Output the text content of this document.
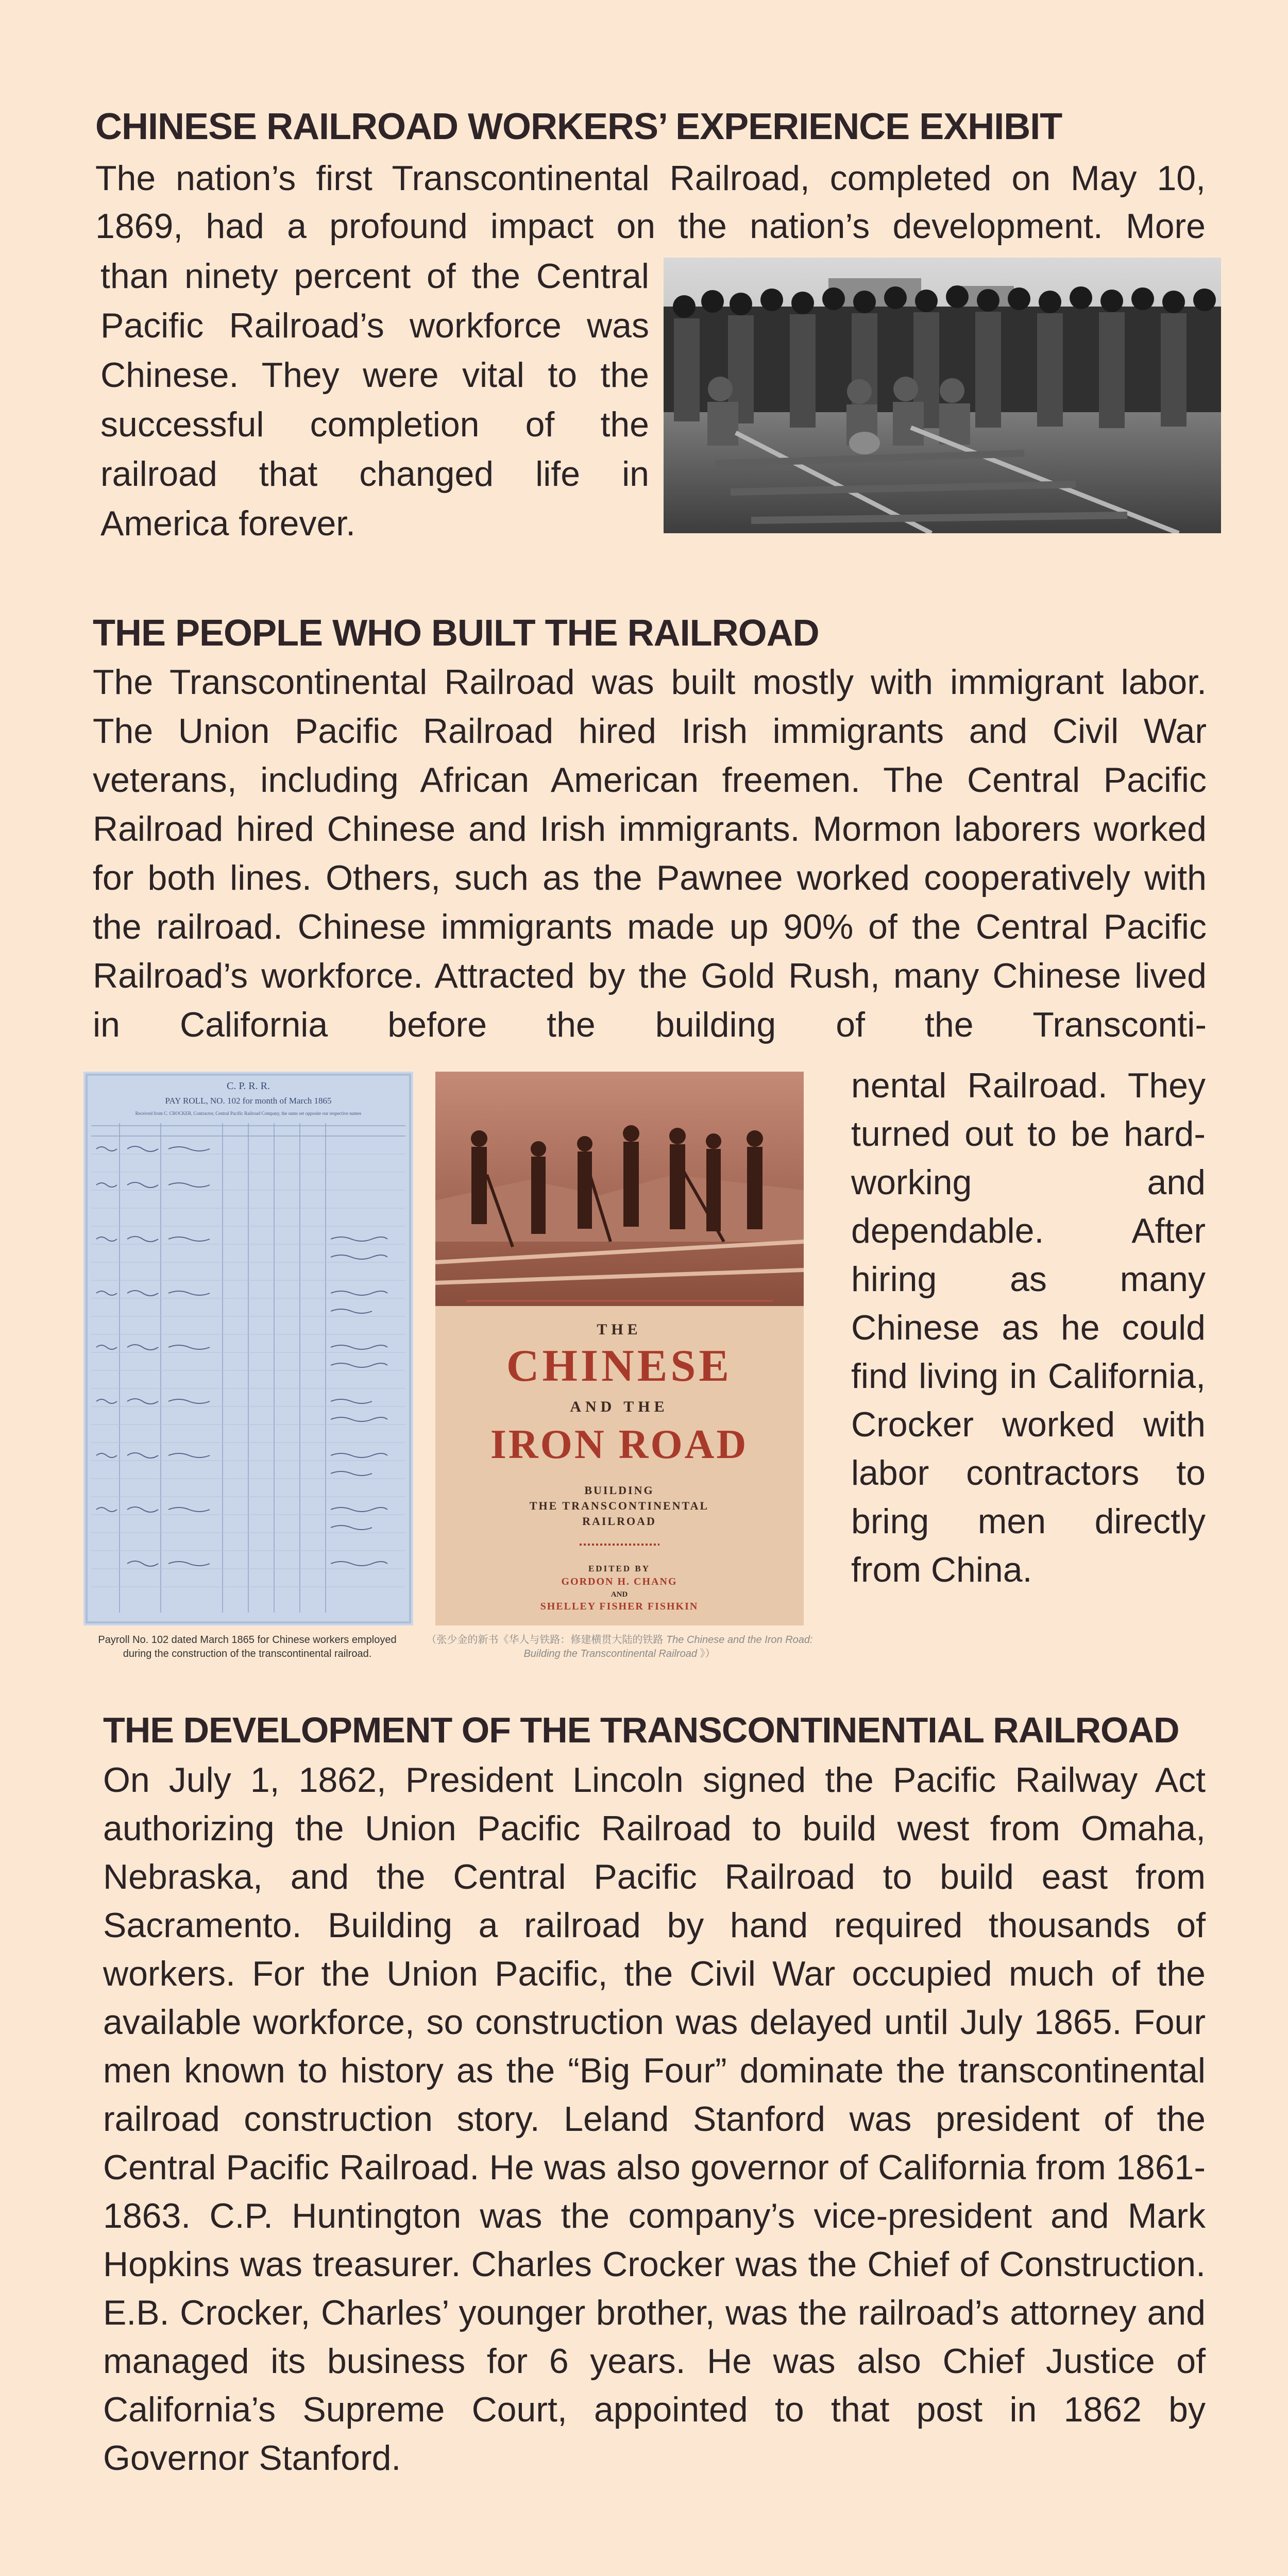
CHINESE RAILROAD WORKERS’ EXPERIENCE EXHIBIT

The nation’s first Transcontinental Railroad, completed on May 10, 1869, had a profound impact on the nation’s development. More

than ninety percent of the Central Pacific Railroad’s workforce was Chinese. They were vital to the successful completion of the railroad that changed life in America forever.

THE PEOPLE WHO BUILT THE RAILROAD

The Transcontinental Railroad was built mostly with immigrant labor. The Union Pacific Railroad hired Irish immigrants and Civil War veterans, including African American freemen. The Central Pacific Railroad hired Chinese and Irish immigrants. Mormon laborers worked for both lines. Others, such as the Pawnee worked cooperatively with the railroad. Chinese immigrants made up 90% of the Central Pacific Railroad’s workforce. Attracted by the Gold Rush, many Chinese lived in California before the building of the Transconti-

C. P. R. R.
PAY ROLL, NO. 102 for month of March 1865
Received from C. CROCKER, Contractor, Central Pacific Railroad Company, the sums set opposite our respective names
THE
CHINESE
AND THE
IRON ROAD
BUILDING
THE TRANSCONTINENTAL
RAILROAD
EDITED BY
GORDON H. CHANG
AND
SHELLEY FISHER FISHKIN

nental Railroad. They turned out to be hard-working and dependable. After hiring as many Chinese as he could find living in California, Crocker worked with labor contractors to bring men directly from China.

Payroll No. 102 dated March 1865 for Chinese workers employed during the construction of the transcontinental railroad.
（张少金的新书《华人与铁路：修建横贯大陆的铁路 The Chinese and the Iron Road: Building the Transcontinental Railroad 》）
THE DEVELOPMENT OF THE TRANSCONTINENTIAL RAILROAD

On July 1, 1862, President Lincoln signed the Pacific Railway Act authorizing the Union Pacific Railroad to build west from Omaha, Nebraska, and the Central Pacific Railroad to build east from Sacramento. Building a railroad by hand required thousands of workers. For the Union Pacific, the Civil War occupied much of the available workforce, so construction was delayed until July 1865. Four men known to history as the “Big Four” dominate the transcontinental railroad construction story. Leland Stanford was president of the Central Pacific Railroad. He was also governor of California from 1861-1863. C.P. Huntington was the company’s vice-president and Mark Hopkins was treasurer. Charles Crocker was the Chief of Construction. E.B. Crocker, Charles’ younger brother, was the railroad’s attorney and managed its business for 6 years. He was also Chief Justice of California’s Supreme Court, appointed to that post in 1862 by Governor Stanford.
